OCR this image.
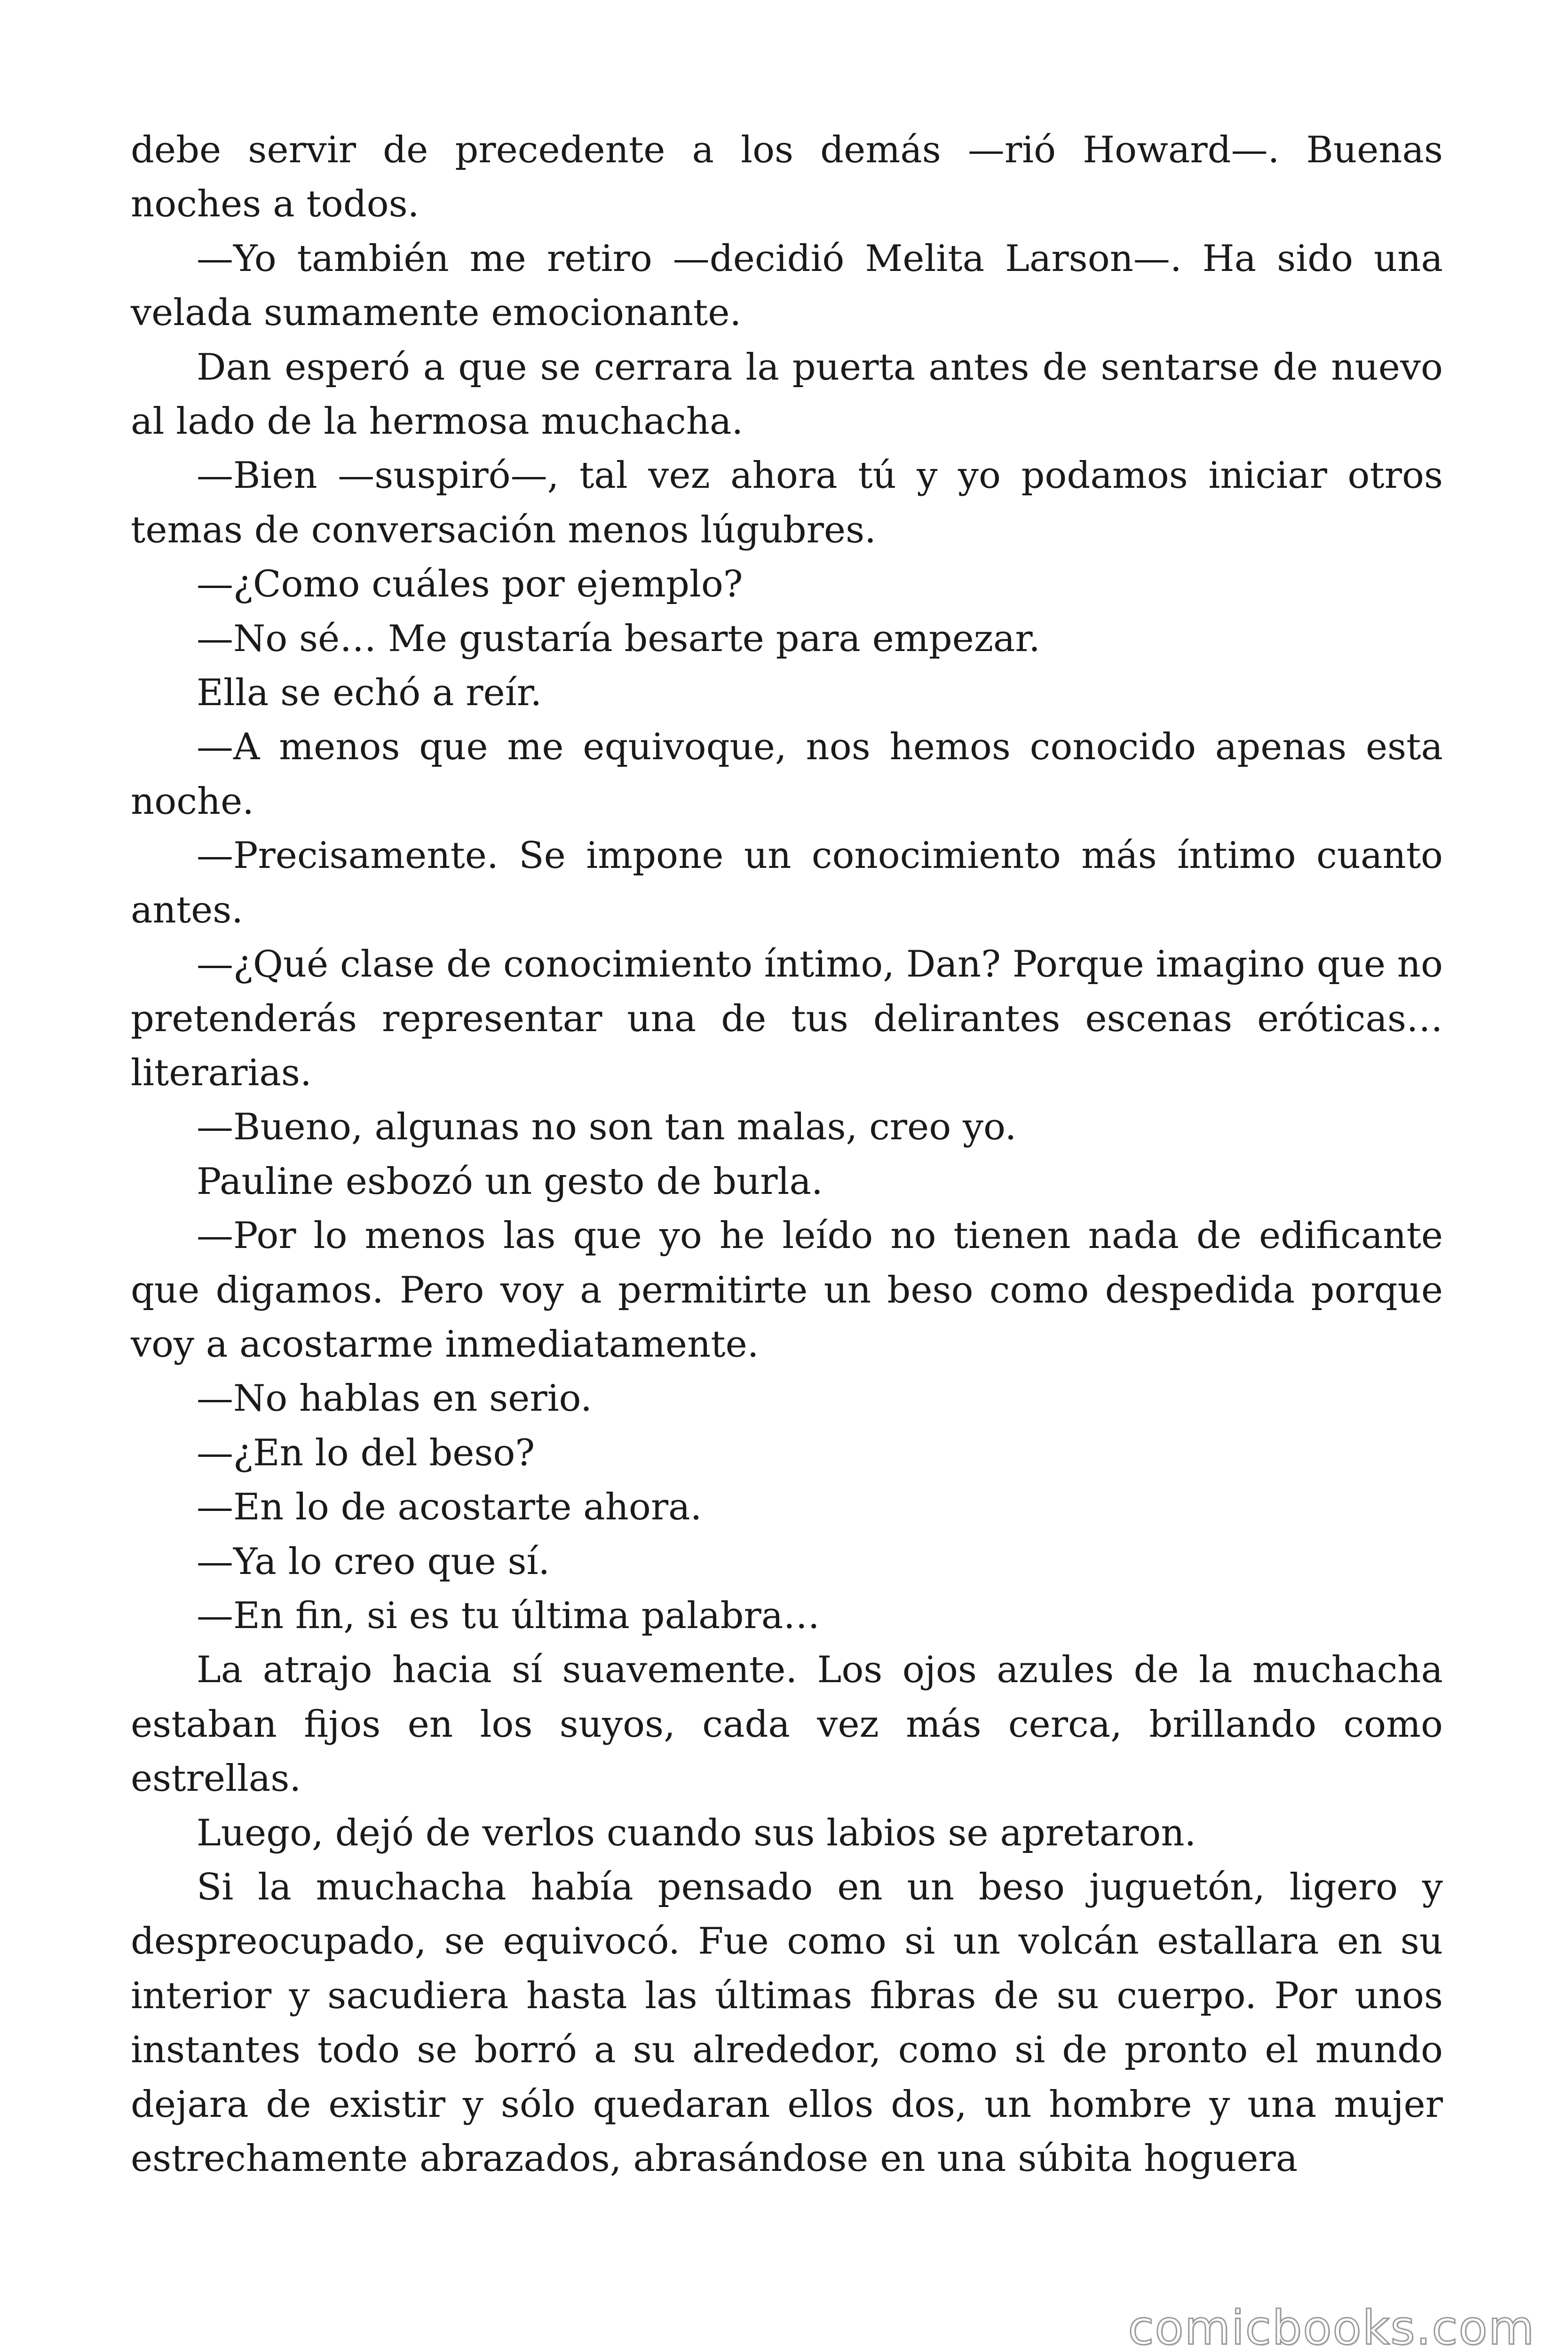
debe servir de precedente a los demás —rió Howard—. Buenas noches a todos.

—Yo también me retiro —decidió Melita Larson—. Ha sido una velada sumamente emocionante.

Dan esperó a que se cerrara la puerta antes de sentarse de nuevo al lado de la hermosa muchacha.

—Bien —suspiró—, tal vez ahora tú y yo podamos iniciar otros temas de conversación menos lúgubres.

—¿Como cuáles por ejemplo?

—No sé… Me gustaría besarte para empezar.

Ella se echó a reír.

—A menos que me equivoque, nos hemos conocido apenas esta noche.

—Precisamente. Se impone un conocimiento más íntimo cuanto antes.

—¿Qué clase de conocimiento íntimo, Dan? Porque imagino que no pretenderás representar una de tus delirantes escenas eróticas… literarias.

—Bueno, algunas no son tan malas, creo yo.

Pauline esbozó un gesto de burla.

—Por lo menos las que yo he leído no tienen nada de edificante que digamos. Pero voy a permitirte un beso como despedida porque voy a acostarme inmediatamente.

—No hablas en serio.

—¿En lo del beso?

—En lo de acostarte ahora.

—Ya lo creo que sí.

—En fin, si es tu última palabra…

La atrajo hacia sí suavemente. Los ojos azules de la muchacha estaban fijos en los suyos, cada vez más cerca, brillando como estrellas.

Luego, dejó de verlos cuando sus labios se apretaron.

Si la muchacha había pensado en un beso juguetón, ligero y despreocupado, se equivocó. Fue como si un volcán estallara en su interior y sacudiera hasta las últimas fibras de su cuerpo. Por unos instantes todo se borró a su alrededor, como si de pronto el mundo dejara de existir y sólo quedaran ellos dos, un hombre y una mujer estrechamente abrazados, abrasándose en una súbita hoguera

comicbooks.com
